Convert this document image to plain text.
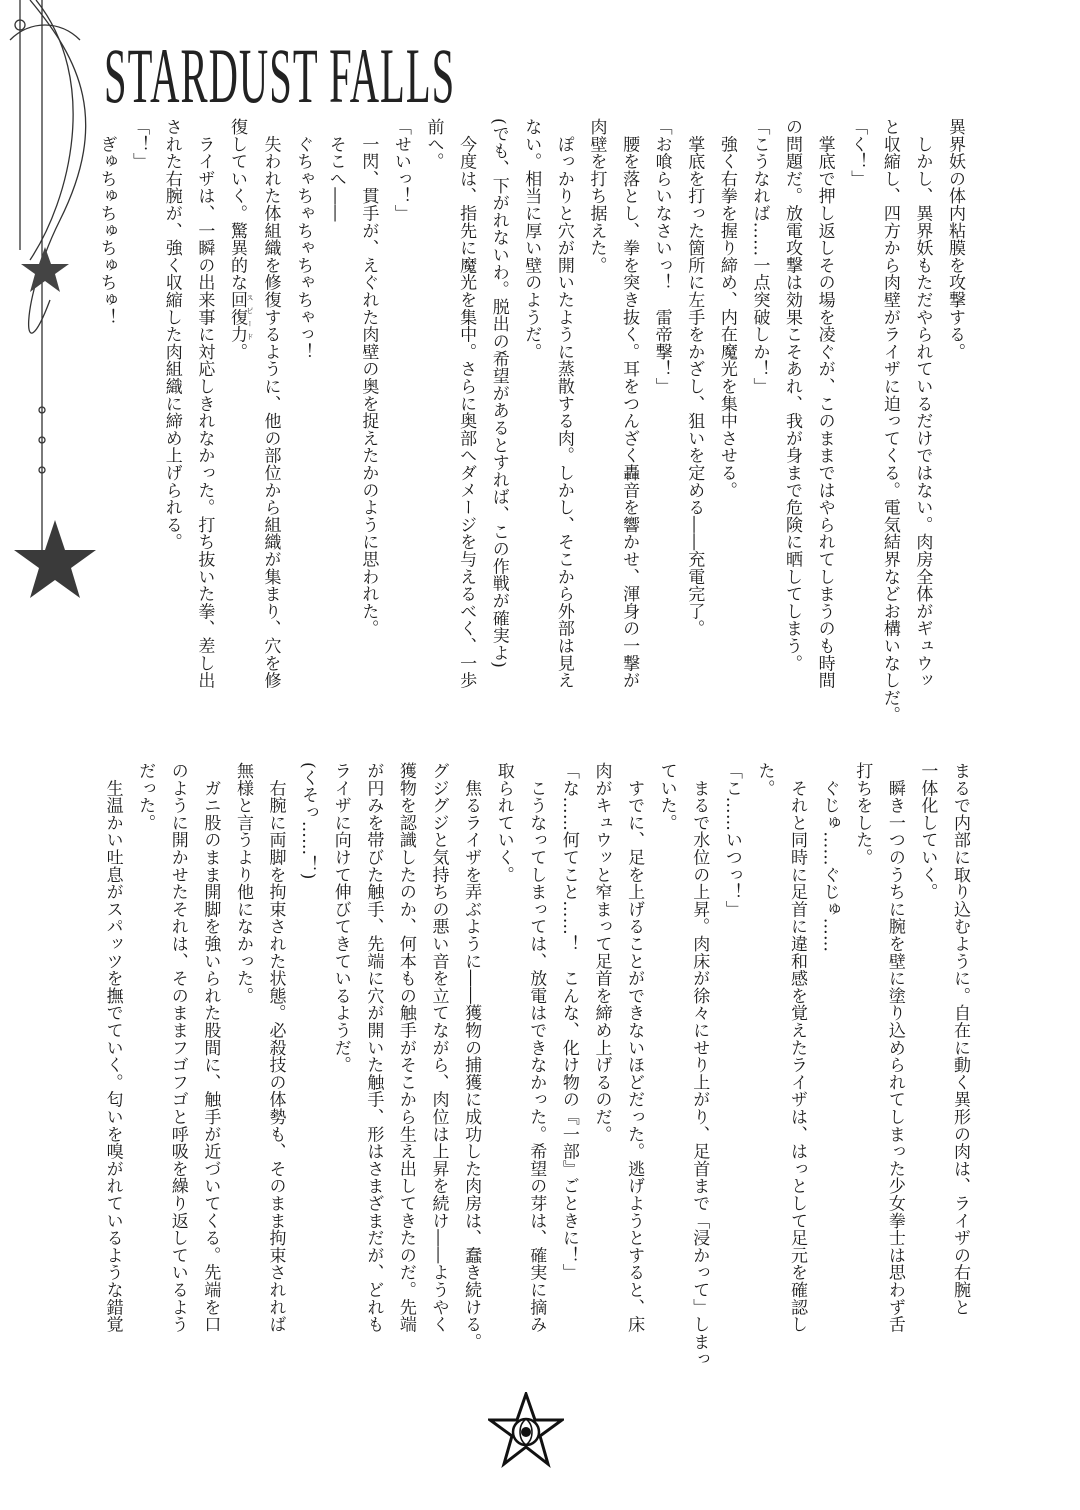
STARDUST FALLS
異界妖の体内粘膜を攻撃する。
　しかし、異界妖もただやられているだけではない。肉房全体がギュウッ
と収縮し、四方から肉壁がライザに迫ってくる。電気結界などお構いなしだ。
「く！」
　掌底で押し返しその場を凌ぐが、このままではやられてしまうのも時間
の問題だ。放電攻撃は効果こそあれ、我が身まで危険に晒してしまう。
「こうなれば……一点突破しか！」
　強く右拳を握り締め、内在魔光を集中させる。
　掌底を打った箇所に左手をかざし、狙いを定める――充電完了。
「お喰らいなさいっ！　雷帝撃！」
　腰を落とし、拳を突き抜く。耳をつんざく轟音を響かせ、渾身の一撃が
肉壁を打ち据えた。
　ぽっかりと穴が開いたように蒸散する肉。しかし、そこから外部は見え
ない。相当に厚い壁のようだ。
(でも、下がれないわ。脱出の希望があるとすれば、この作戦が確実よ)
　今度は、指先に魔光を集中。さらに奥部へダメージを与えるべく、一歩
前へ。
「せいっ！」
　一閃、貫手が、えぐれた肉壁の奥を捉えたかのように思われた。
　そこへ――
　ぐちゃちゃちゃちゃちゃっ！
　失われた体組織を修復するように、他の部位から組織が集まり、穴を修
復していく。驚異的な回復力 スピード。
　ライザは、一瞬の出来事に対応しきれなかった。打ち抜いた拳、差し出
された右腕が、強く収縮した肉組織に締め上げられる。
「！」
　ぎゅちゅちゅちゅちゅ！
まるで内部に取り込むように。自在に動く異形の肉は、ライザの右腕と
一体化していく。
　瞬き一つのうちに腕を壁に塗り込められてしまった少女拳士は思わず舌
打ちをした。
　ぐじゅ……ぐじゅ……
　それと同時に足首に違和感を覚えたライザは、はっとして足元を確認し
た。
「こ……いつっ！」
　まるで水位の上昇。肉床が徐々にせり上がり、足首まで「浸かって」しまっ
ていた。
　すでに、足を上げることができないほどだった。逃げようとすると、床
肉がキュウッと窄まって足首を締め上げるのだ。
「な……何てこと……！　こんな、化け物の『一部』ごときに！」
　こうなってしまっては、放電はできなかった。希望の芽は、確実に摘み
取られていく。
　焦るライザを弄ぶように――獲物の捕獲に成功した肉房は、蠢き続ける。
グジグジと気持ちの悪い音を立てながら、肉位は上昇を続け――ようやく
獲物を認識したのか、何本もの触手がそこから生え出してきたのだ。先端
が円みを帯びた触手、先端に穴が開いた触手、形はさまざまだが、どれも
ライザに向けて伸びてきているようだ。
(くそっ……！)
　右腕に両脚を拘束された状態。必殺技の体勢も、そのまま拘束されれば
無様と言うより他になかった。
　ガニ股のまま開脚を強いられた股間に、触手が近づいてくる。先端を口
のように開かせたそれは、そのままフゴフゴと呼吸を繰り返しているよう
だった。
　生温かい吐息がスパッツを撫でていく。匂いを嗅がれているような錯覚
